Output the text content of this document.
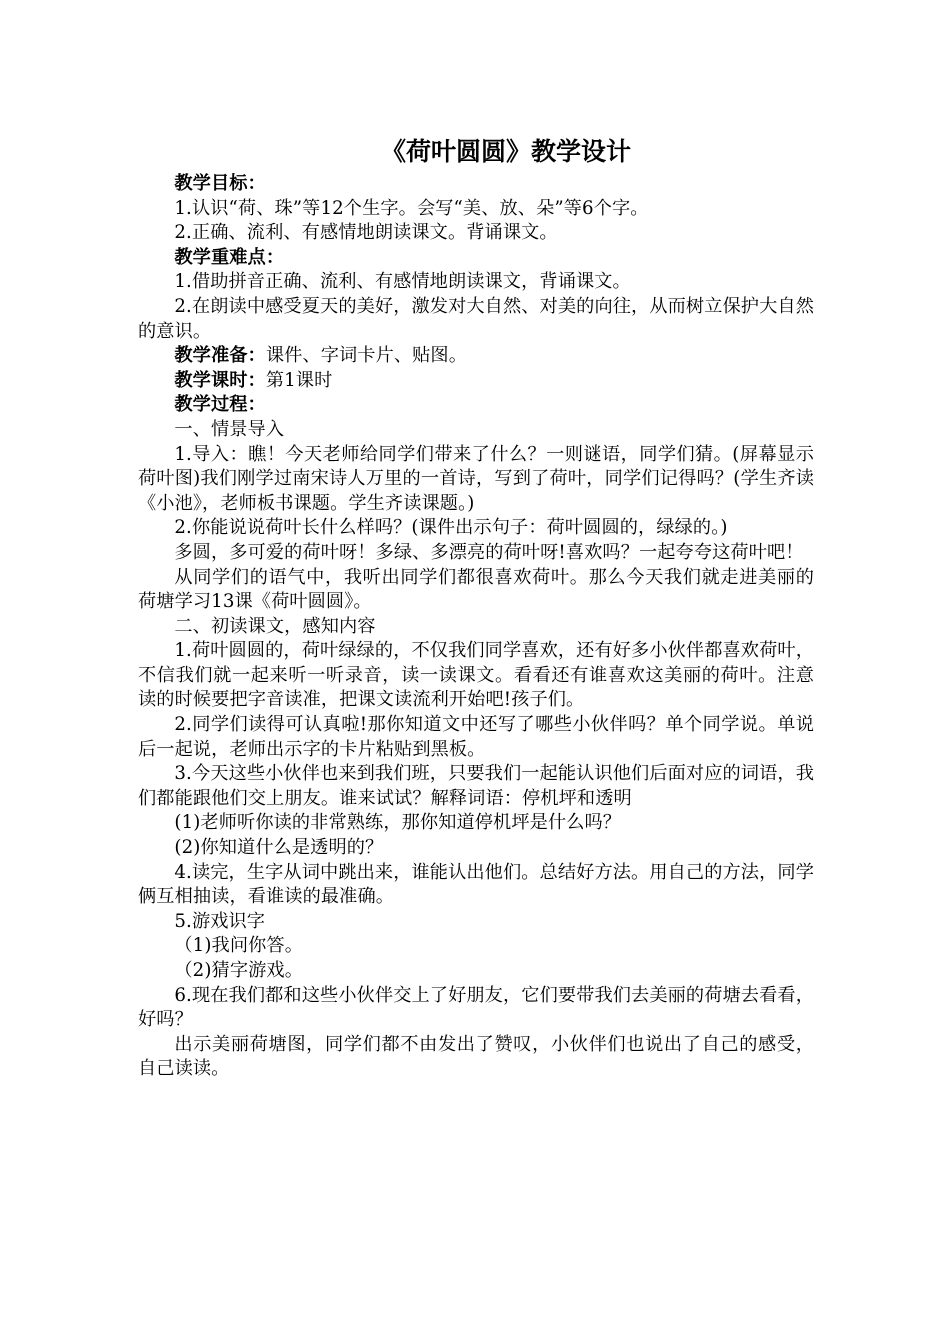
《荷叶圆圆》教学设计

教学目标：

1.认识“荷、珠”等12个生字。会写“美、放、朵”等6个字。

2.正确、流利、有感情地朗读课文。背诵课文。

教学重难点：

1.借助拼音正确、流利、有感情地朗读课文，背诵课文。

2.在朗读中感受夏天的美好，激发对大自然、对美的向往，从而树立保护大自然的意识。

教学准备：课件、字词卡片、贴图。

教学课时：第1课时

教学过程：

一、情景导入

1.导入：瞧！今天老师给同学们带来了什么？一则谜语，同学们猜。(屏幕显示荷叶图)我们刚学过南宋诗人万里的一首诗，写到了荷叶，同学们记得吗？(学生齐读《小池》，老师板书课题。学生齐读课题。)

2.你能说说荷叶长什么样吗？(课件出示句子：荷叶圆圆的，绿绿的。)

多圆，多可爱的荷叶呀！多绿、多漂亮的荷叶呀!喜欢吗？一起夸夸这荷叶吧！

从同学们的语气中，我听出同学们都很喜欢荷叶。那么今天我们就走进美丽的荷塘学习13课《荷叶圆圆》。

二、初读课文，感知内容

1.荷叶圆圆的，荷叶绿绿的，不仅我们同学喜欢，还有好多小伙伴都喜欢荷叶，不信我们就一起来听一听录音，读一读课文。看看还有谁喜欢这美丽的荷叶。注意读的时候要把字音读准，把课文读流利开始吧!孩子们。

2.同学们读得可认真啦!那你知道文中还写了哪些小伙伴吗？单个同学说。单说后一起说，老师出示字的卡片粘贴到黑板。

3.今天这些小伙伴也来到我们班，只要我们一起能认识他们后面对应的词语，我们都能跟他们交上朋友。谁来试试？解释词语：停机坪和透明

(1)老师听你读的非常熟练，那你知道停机坪是什么吗？

(2)你知道什么是透明的？

4.读完，生字从词中跳出来，谁能认出他们。总结好方法。用自己的方法，同学俩互相抽读，看谁读的最准确。

5.游戏识字

（1)我问你答。

（2)猜字游戏。

6.现在我们都和这些小伙伴交上了好朋友，它们要带我们去美丽的荷塘去看看，好吗？

出示美丽荷塘图，同学们都不由发出了赞叹，小伙伴们也说出了自己的感受，自己读读。
